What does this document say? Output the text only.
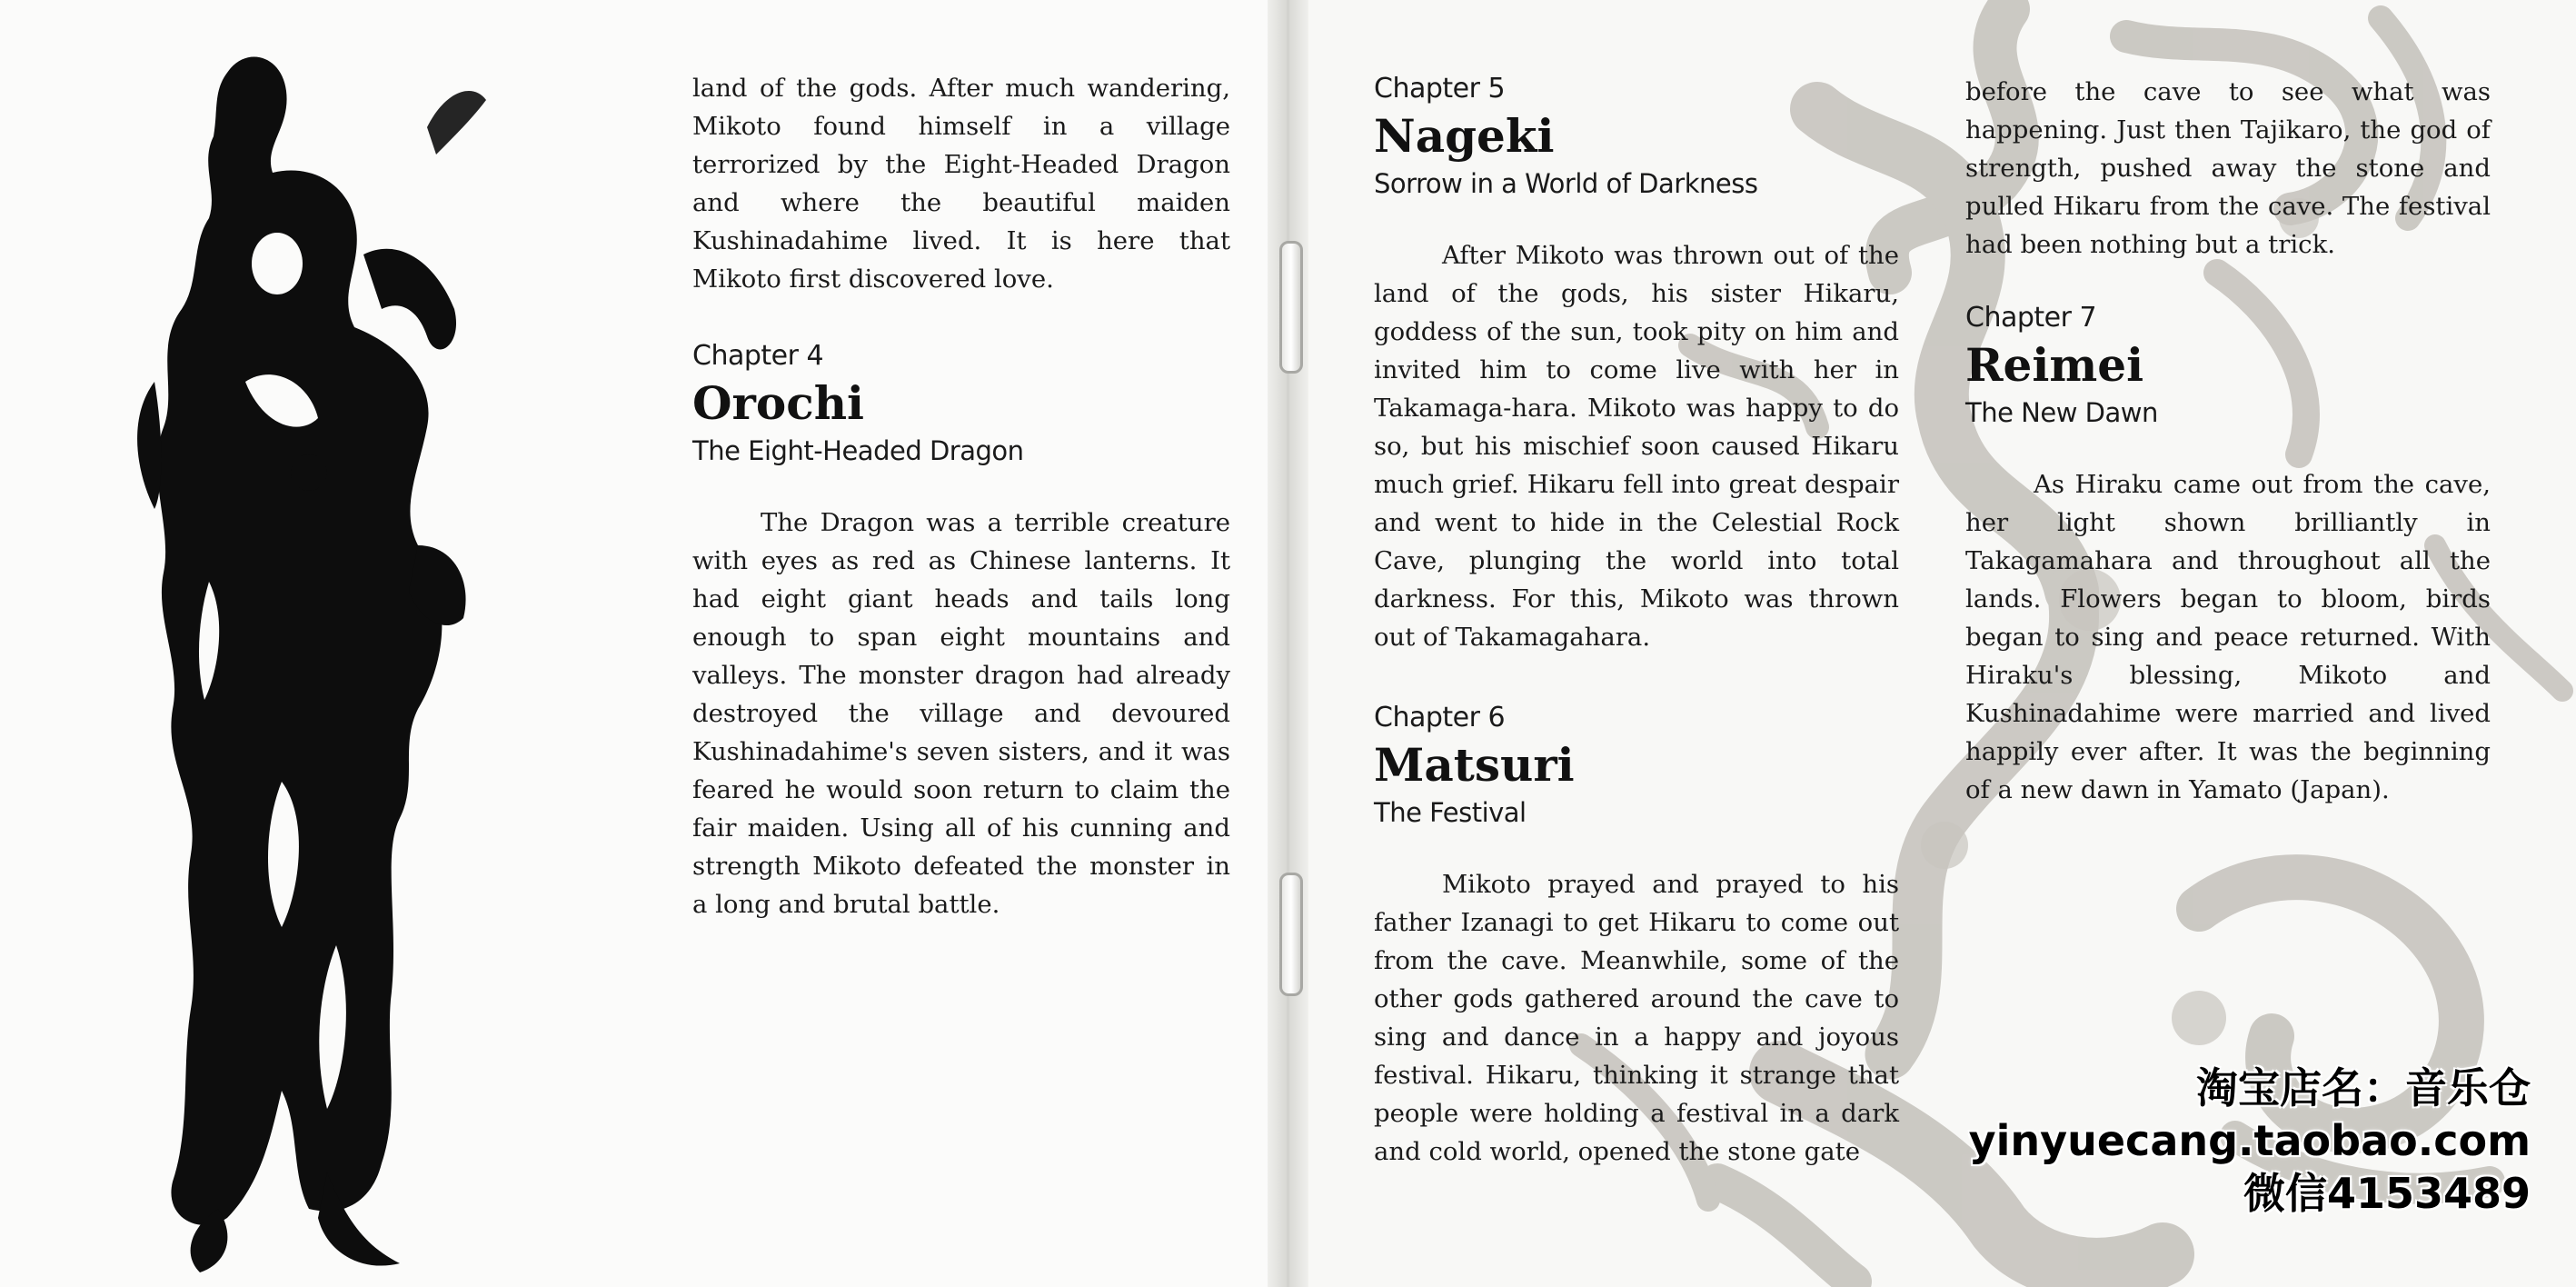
land of the gods. After much wandering, Mikoto found himself in a village terrorized by the Eight-Headed Dragon and where the beautiful maiden Kushinadahime lived. It is here that Mikoto first discovered love.

Chapter 4
Orochi
The Eight-Headed Dragon

The Dragon was a terrible creature with eyes as red as Chinese lanterns. It had eight giant heads and tails long enough to span eight mountains and valleys. The monster dragon had already destroyed the village and devoured Kushinadahime's seven sisters, and it was feared he would soon return to claim the fair maiden. Using all of his cunning and strength Mikoto defeated the monster in a long and brutal battle.

Chapter 5
Nageki
Sorrow in a World of Darkness

After Mikoto was thrown out of the land of the gods, his sister Hikaru, goddess of the sun, took pity on him and invited him to come live with her in Takamaga-hara. Mikoto was happy to do so, but his mischief soon caused Hikaru much grief. Hikaru fell into great despair and went to hide in the Celestial Rock Cave, plunging the world into total darkness. For this, Mikoto was thrown out of Takamagahara.

Chapter 6
Matsuri
The Festival

Mikoto prayed and prayed to his father Izanagi to get Hikaru to come out from the cave. Meanwhile, some of the other gods gathered around the cave to sing and dance in a happy and joyous festival. Hikaru, thinking it strange that people were holding a festival in a dark and cold world, opened the stone gate

before the cave to see what was happening. Just then Tajikaro, the god of strength, pushed away the stone and pulled Hikaru from the cave. The festival had been nothing but a trick.

Chapter 7
Reimei
The New Dawn

As Hiraku came out from the cave, her light shown brilliantly in Takagamahara and throughout all the lands. Flowers began to bloom, birds began to sing and peace returned. With Hiraku's blessing, Mikoto and Kushinadahime were married and lived happily ever after. It was the beginning of a new dawn in Yamato (Japan).

淘宝店名：音乐仓
yinyuecang.taobao.com
微信4153489
